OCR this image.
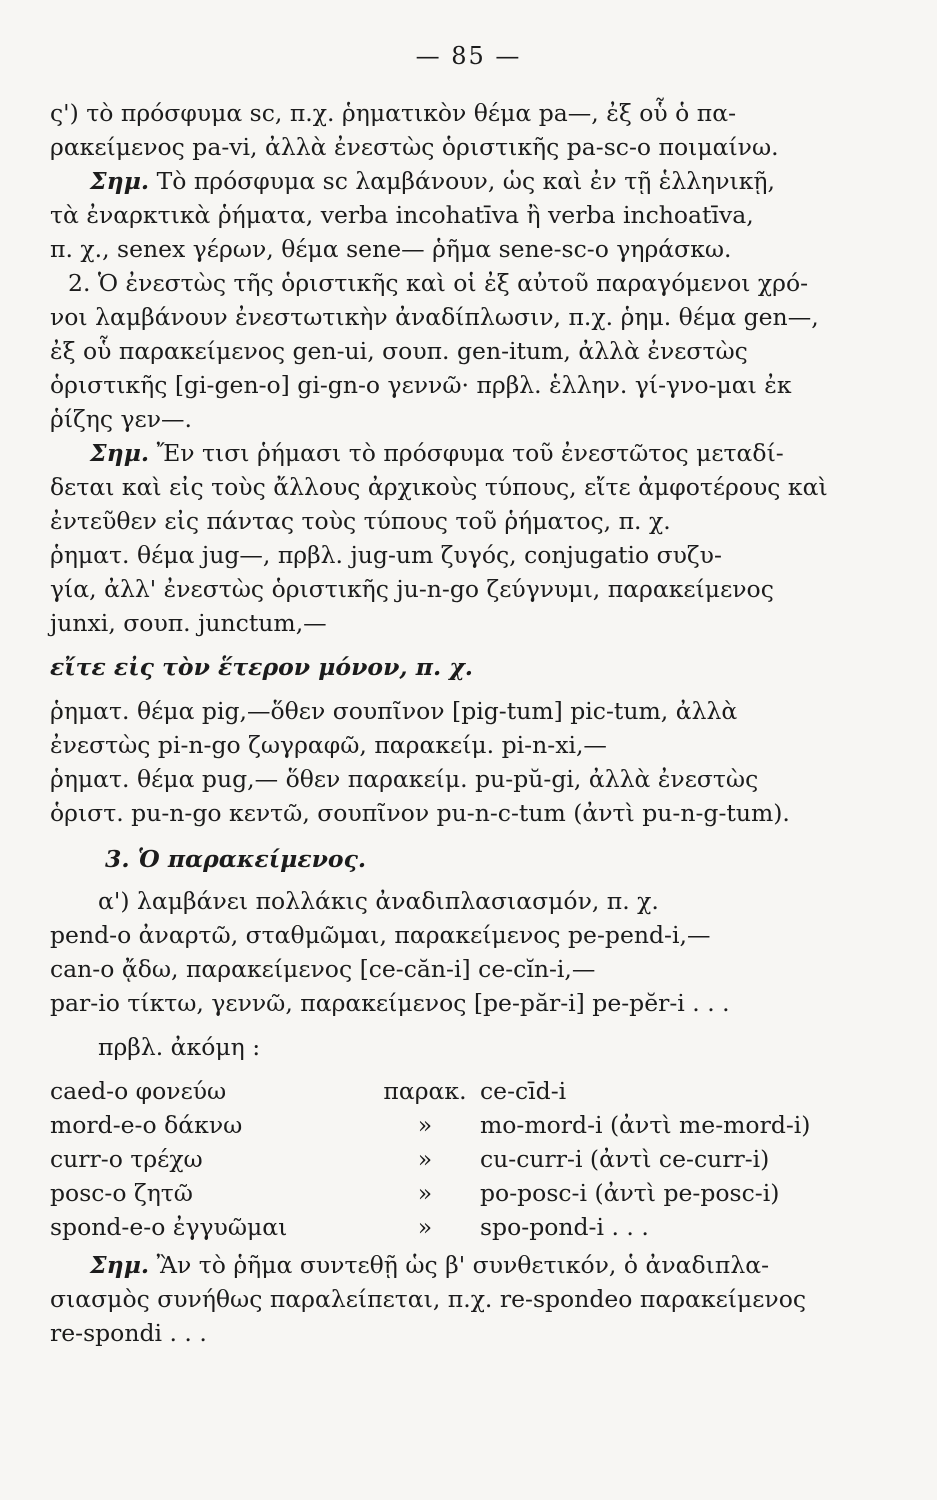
— 85 —
ς') τὸ πρόσφυμα sc, π.χ. ῥηματικὸν θέμα pa—, ἐξ οὗ ὁ πα-
ρακείμενος pa-vi, ἀλλὰ ἐνεστὼς ὁριστικῆς pa-sc-o ποιμαίνω.
Σημ. Τὸ πρόσφυμα sc λαμβάνουν, ὡς καὶ ἐν τῇ ἑλληνικῇ,
τὰ ἐναρκτικὰ ῥήματα, verba incohatīva ἢ verba inchoatīva,
π. χ., senex γέρων, θέμα sene— ῥῆμα sene-sc-o γηράσκω.
2. Ὁ ἐνεστὼς τῆς ὁριστικῆς καὶ οἱ ἐξ αὐτοῦ παραγόμενοι χρό-
νοι λαμβάνουν ἐνεστωτικὴν ἀναδίπλωσιν, π.χ. ῥημ. θέμα gen—,
ἐξ οὗ παρακείμενος gen-ui, σουπ. gen-itum, ἀλλὰ ἐνεστὼς
ὁριστικῆς [gi-gen-o] gi-gn-o γεννῶ· πρβλ. ἑλλην. γί-γνο-μαι ἐκ
ῥίζης γεν—.
Σημ. Ἔν τισι ῥήμασι τὸ πρόσφυμα τοῦ ἐνεστῶτος μεταδί-
δεται καὶ εἰς τοὺς ἄλλους ἀρχικοὺς τύπους, εἴτε ἀμφοτέρους καὶ
ἐντεῦθεν εἰς πάντας τοὺς τύπους τοῦ ῥήματος, π. χ.
ῥηματ. θέμα jug—, πρβλ. jug-um ζυγός, conjugatio συζυ-
γία, ἀλλ' ἐνεστὼς ὁριστικῆς ju-n-go ζεύγνυμι, παρακείμενος
junxi, σουπ. junctum,—
εἴτε εἰς τὸν ἕτερον μόνον, π. χ.
ῥηματ. θέμα pig,—ὅθεν σουπῖνον [pig-tum] pic-tum, ἀλλὰ
ἐνεστὼς pi-n-go ζωγραφῶ, παρακείμ. pi-n-xi,—
ῥηματ. θέμα pug,— ὅθεν παρακείμ. pu-pŭ-gi, ἀλλὰ ἐνεστὼς
ὁριστ. pu-n-go κεντῶ, σουπῖνον pu-n-c-tum (ἀντὶ pu-n-g-tum).
3. Ὁ παρακείμενος.
α') λαμβάνει πολλάκις ἀναδιπλασιασμόν, π. χ.
pend-o ἀναρτῶ, σταθμῶμαι, παρακείμενος pe-pend-i,—
can-o ᾄδω, παρακείμενος [ce-căn-i] ce-cĭn-i,—
par-io τίκτω, γεννῶ, παρακείμενος [pe-păr-i] pe-pĕr-i . . .
πρβλ. ἀκόμη :
caed-o φονεύω	παρακ. ce-cīd-i
mord-e-o δάκνω	»	mo-mord-i (ἀντὶ me-mord-i)
curr-o τρέχω	»	cu-curr-i (ἀντὶ ce-curr-i)
posc-o ζητῶ	»	po-posc-i (ἀντὶ pe-posc-i)
spond-e-o ἐγγυῶμαι	»	spo-pond-i . . .
Σημ. Ἂν τὸ ῥῆμα συντεθῇ ὡς β' συνθετικόν, ὁ ἀναδιπλα-
σιασμὸς συνήθως παραλείπεται, π.χ. re-spondeo παρακείμενος
re-spondi . . .
